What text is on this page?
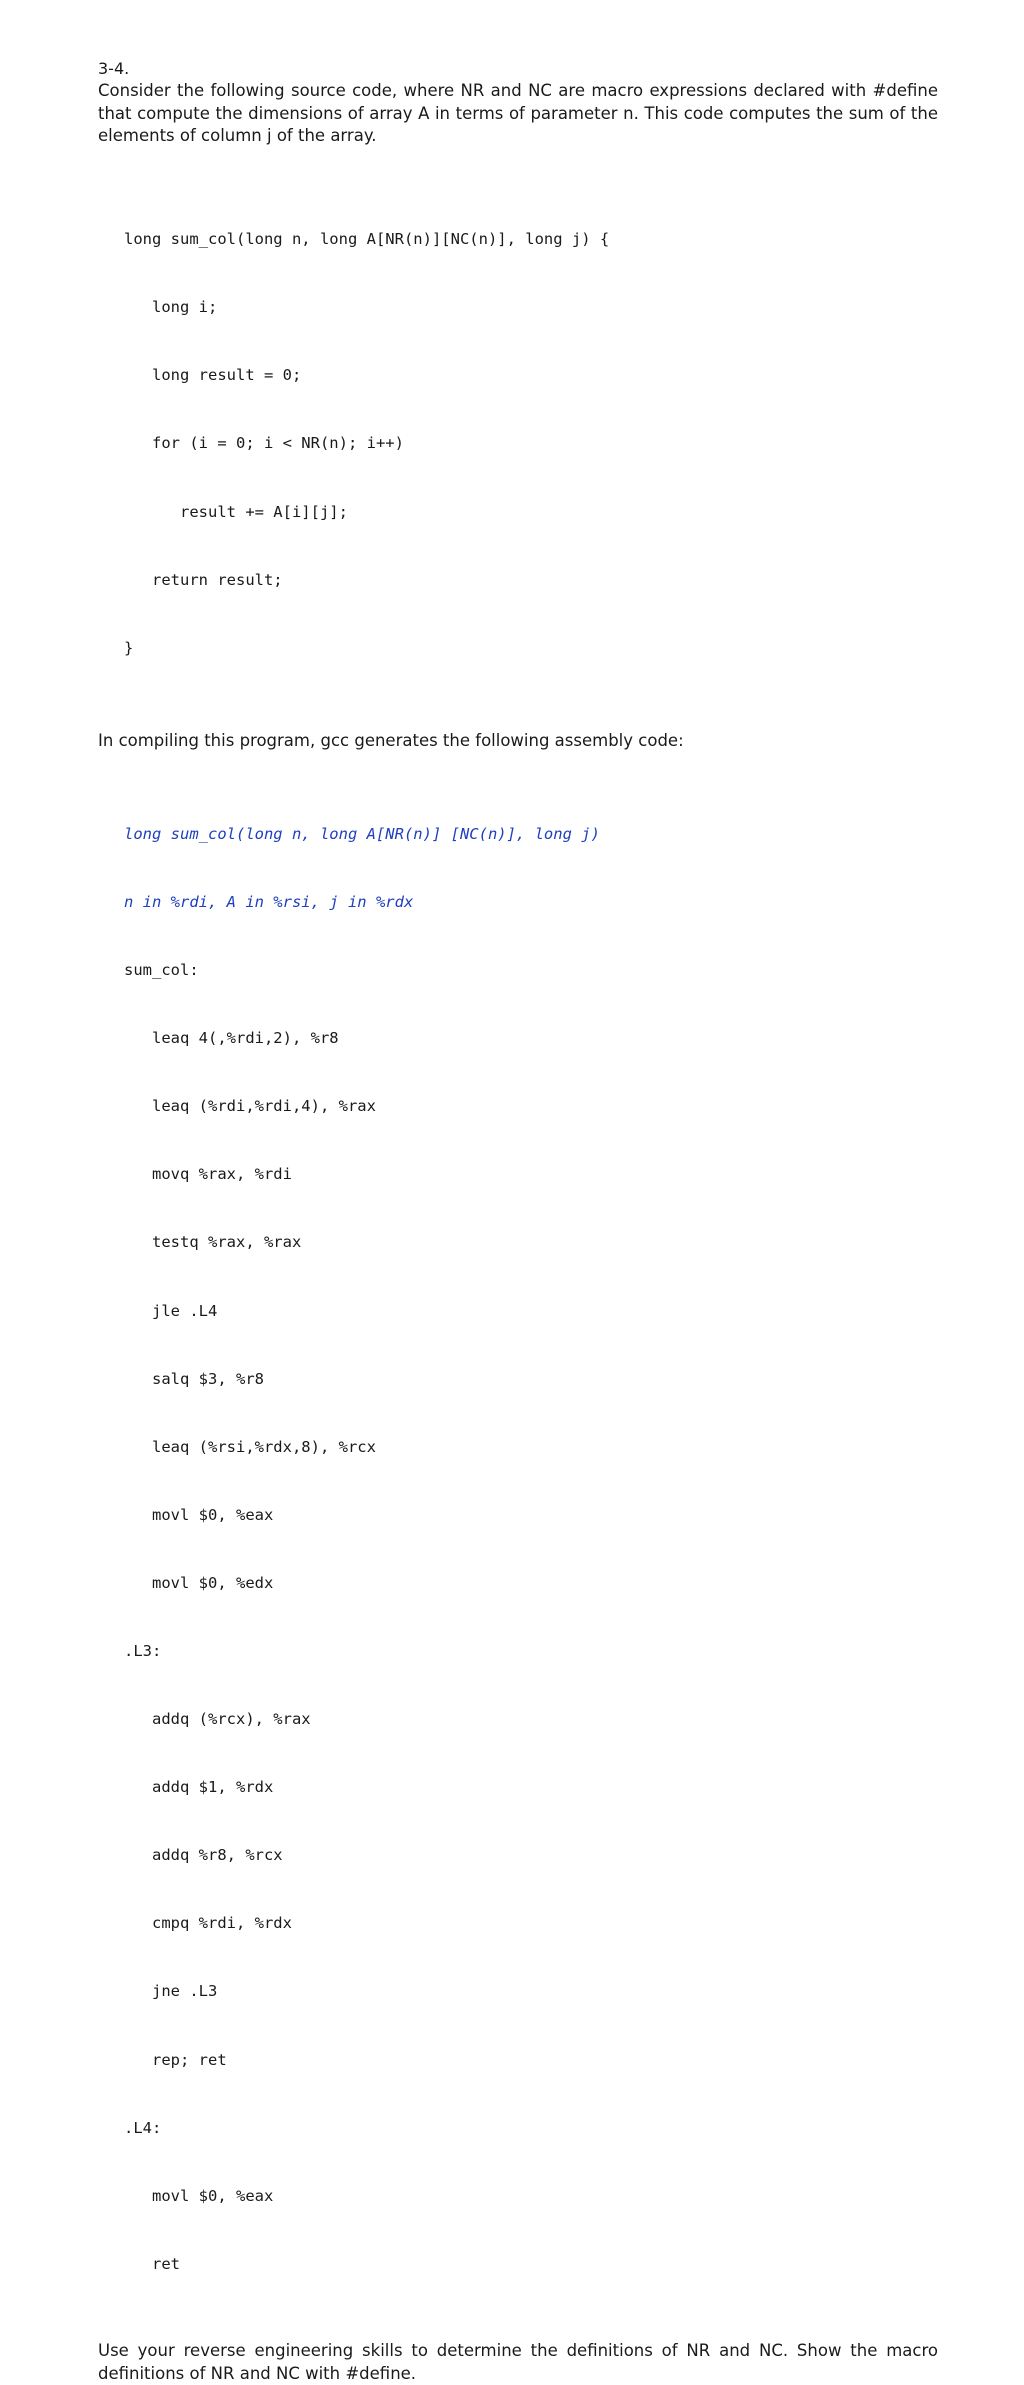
3-4.

Consider the following source code, where NR and NC are macro expressions declared with #define that compute the dimensions of array A in terms of parameter n. This code computes the sum of the elements of column j of the array.

long sum_col(long n, long A[NR(n)][NC(n)], long j) {

long i;

long result = 0;

for (i = 0; i < NR(n); i++)

result += A[i][j];

return result;

}

In compiling this program, gcc generates the following assembly code:

long sum_col(long n, long A[NR(n)] [NC(n)], long j)

n in %rdi, A in %rsi, j in %rdx

sum_col:

leaq 4(,%rdi,2), %r8

leaq (%rdi,%rdi,4), %rax

movq %rax, %rdi

testq %rax, %rax

jle .L4

salq $3, %r8

leaq (%rsi,%rdx,8), %rcx

movl $0, %eax

movl $0, %edx

.L3:

addq (%rcx), %rax

addq $1, %rdx

addq %r8, %rcx

cmpq %rdi, %rdx

jne .L3

rep; ret

.L4:

movl $0, %eax

ret

Use your reverse engineering skills to determine the definitions of NR and NC. Show the macro definitions of NR and NC with #define.
